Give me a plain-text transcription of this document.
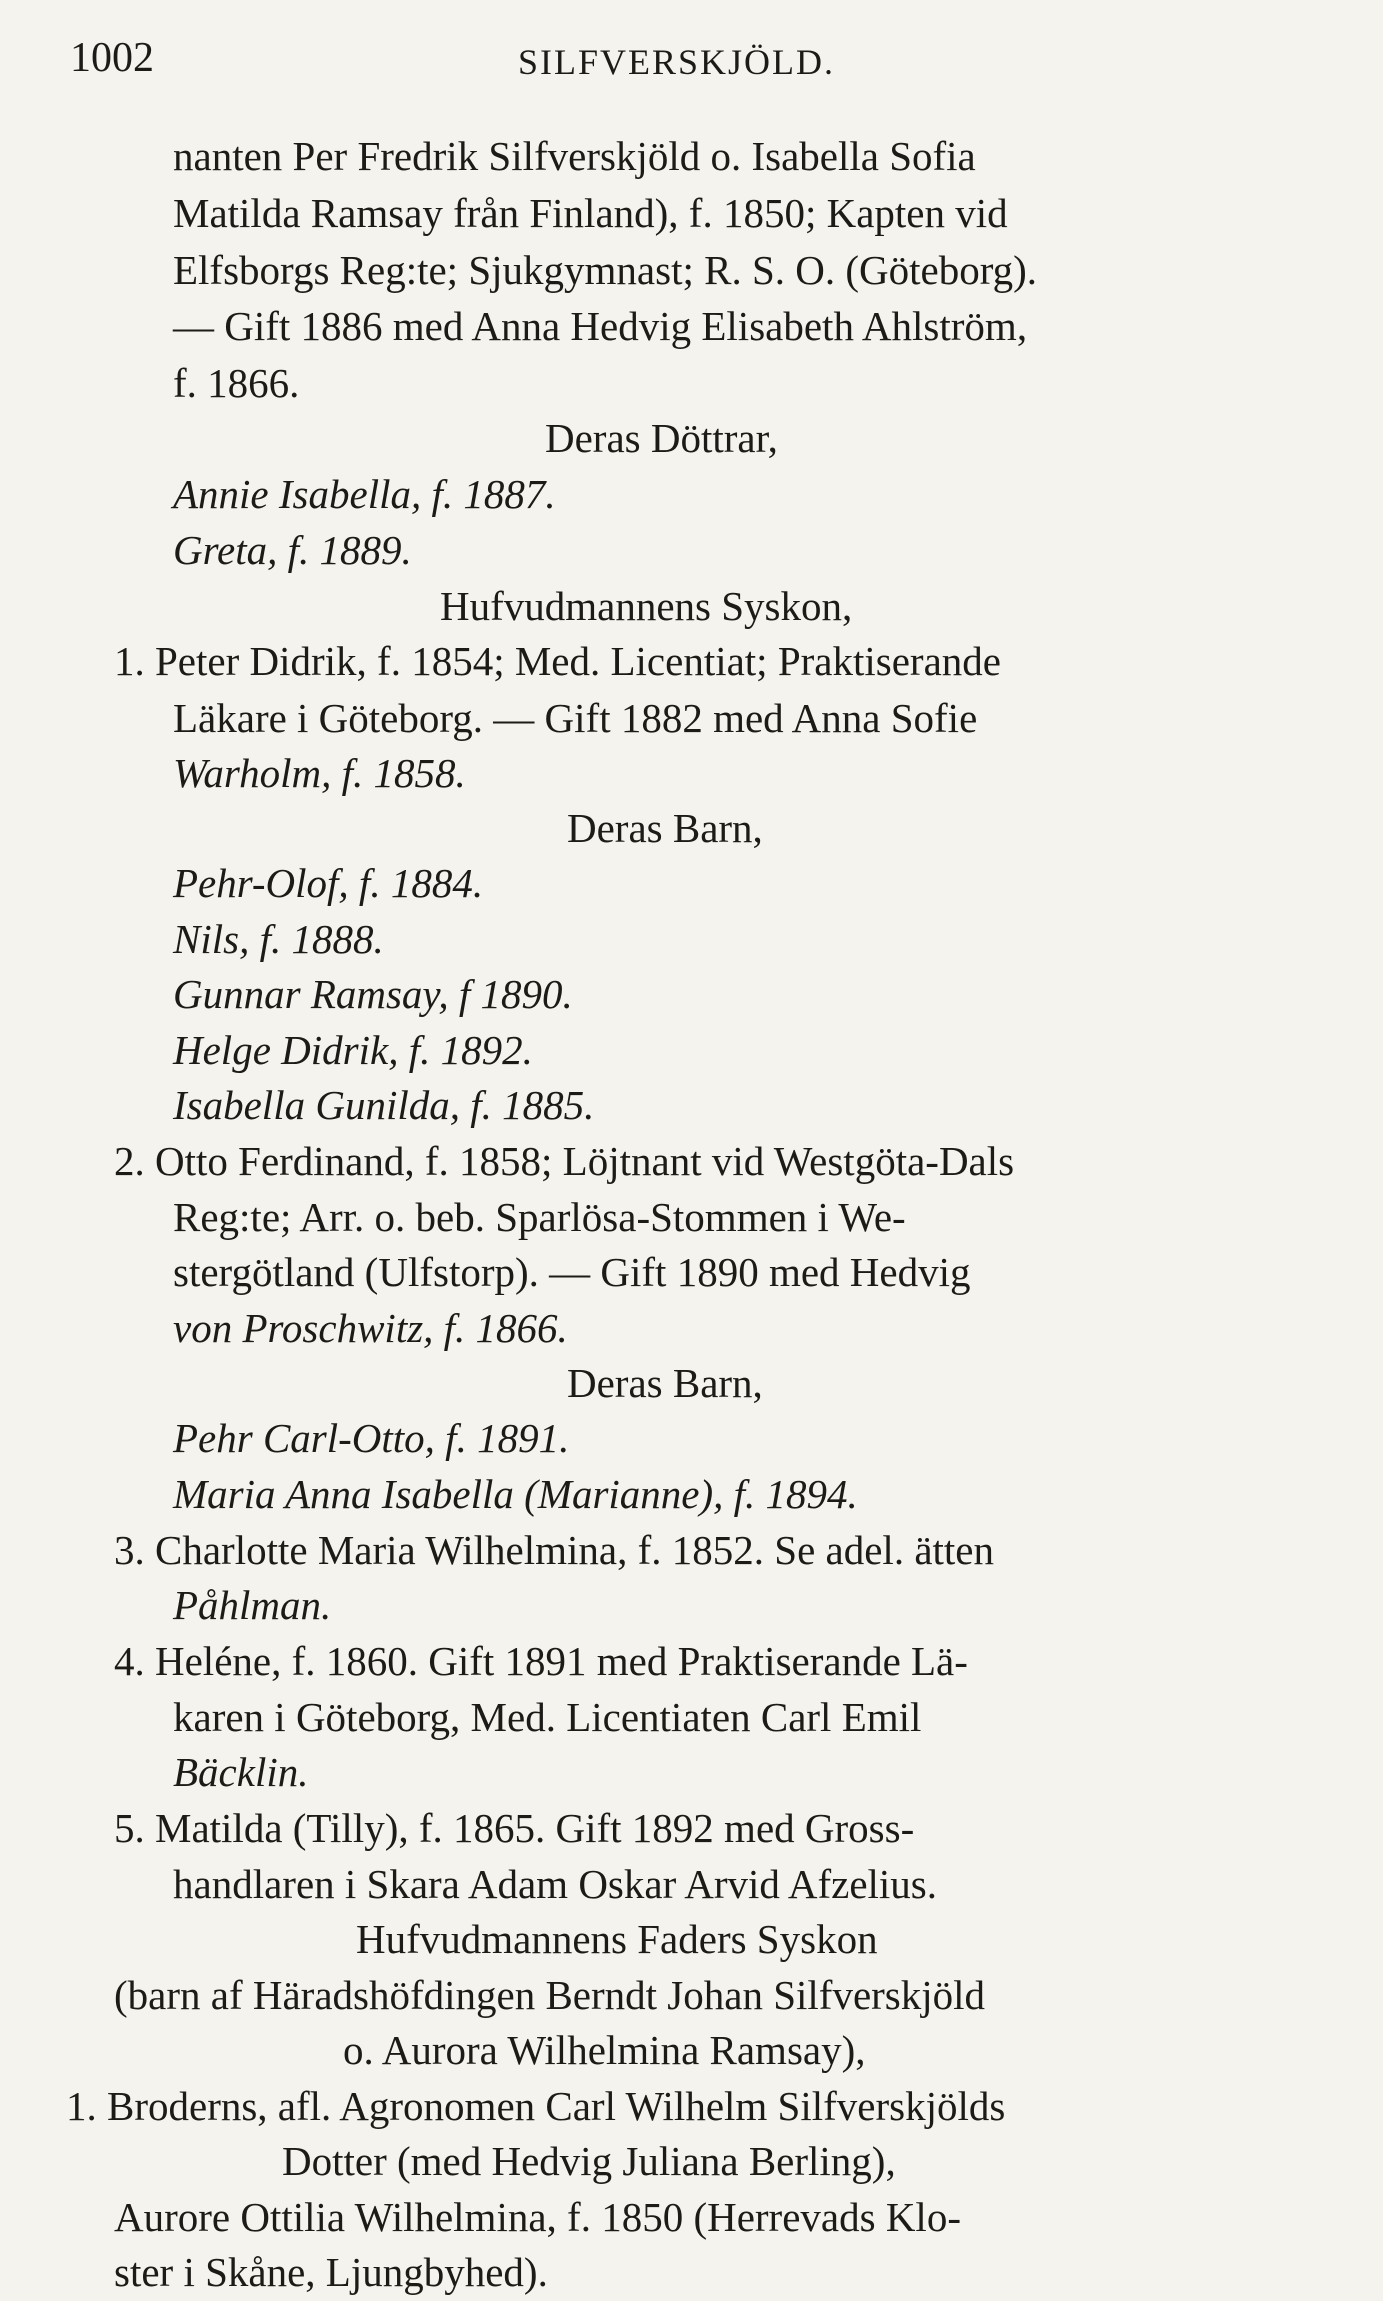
1002	SILFVERSKJÖLD.
nanten Per Fredrik Silfverskjöld o. Isabella Sofia
Matilda Ramsay från Finland), f. 1850; Kapten vid
Elfsborgs Reg:te; Sjukgymnast; R. S. O. (Göteborg).
— Gift 1886 med Anna Hedvig Elisabeth Ahlström,
f. 1866.
Deras Döttrar,
Annie Isabella, f. 1887.
Greta, f. 1889.
Hufvudmannens Syskon,
1. Peter Didrik, f. 1854; Med. Licentiat; Praktiserande
Läkare i Göteborg. — Gift 1882 med Anna Sofie
Warholm, f. 1858.
Deras Barn,
Pehr-Olof, f. 1884.
Nils, f. 1888.
Gunnar Ramsay, f 1890.
Helge Didrik, f. 1892.
Isabella Gunilda, f. 1885.
2. Otto Ferdinand, f. 1858; Löjtnant vid Westgöta-Dals
Reg:te; Arr. o. beb. Sparlösa-Stommen i We-
stergötland (Ulfstorp). — Gift 1890 med Hedvig
von Proschwitz, f. 1866.
Deras Barn,
Pehr Carl-Otto, f. 1891.
Maria Anna Isabella (Marianne), f. 1894.
3. Charlotte Maria Wilhelmina, f. 1852. Se adel. ätten
Påhlman.
4. Heléne, f. 1860. Gift 1891 med Praktiserande Lä-
karen i Göteborg, Med. Licentiaten Carl Emil
Bäcklin.
5. Matilda (Tilly), f. 1865. Gift 1892 med Gross-
handlaren i Skara Adam Oskar Arvid Afzelius.
Hufvudmannens Faders Syskon
(barn af Häradshöfdingen Berndt Johan Silfverskjöld
o. Aurora Wilhelmina Ramsay),
1. Broderns, afl. Agronomen Carl Wilhelm Silfverskjölds
Dotter (med Hedvig Juliana Berling),
Aurore Ottilia Wilhelmina, f. 1850 (Herrevads Klo-
ster i Skåne, Ljungbyhed).
